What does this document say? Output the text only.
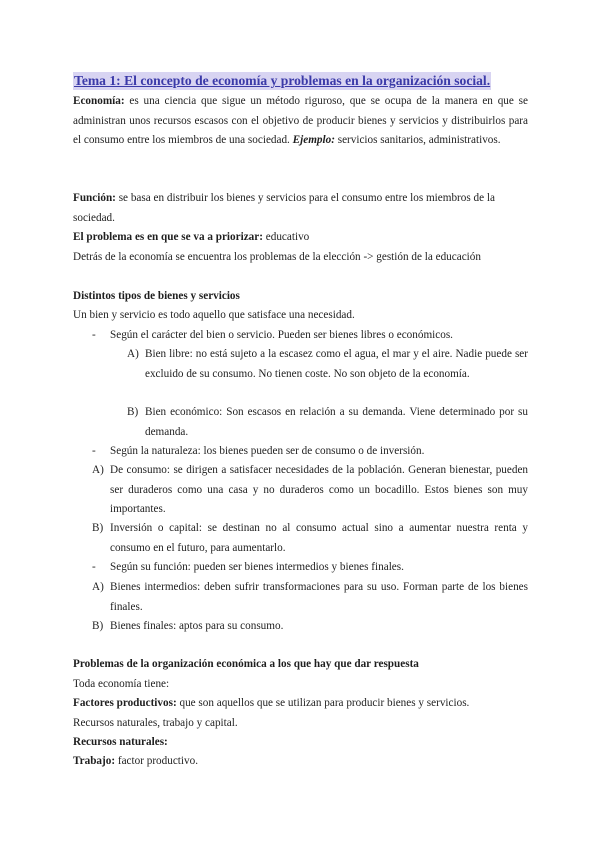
Tema 1: El concepto de economía y problemas en la organización social.
Economía: es una ciencia que sigue un método riguroso, que se ocupa de la manera en que se administran unos recursos escasos con el objetivo de producir bienes y servicios y distribuirlos para el consumo entre los miembros de una sociedad. Ejemplo: servicios sanitarios, administrativos.
Función: se basa en distribuir los bienes y servicios para el consumo entre los miembros de la sociedad.
El problema es en que se va a priorizar: educativo
Detrás de la economía se encuentra los problemas de la elección -> gestión de la educación
Distintos tipos de bienes y servicios
Un bien y servicio es todo aquello que satisface una necesidad.
- Según el carácter del bien o servicio. Pueden ser bienes libres o económicos.
A) Bien libre: no está sujeto a la escasez como el agua, el mar y el aire. Nadie puede ser excluido de su consumo. No tienen coste. No son objeto de la economía.
B) Bien económico: Son escasos en relación a su demanda. Viene determinado por su demanda.
- Según la naturaleza: los bienes pueden ser de consumo o de inversión.
A) De consumo: se dirigen a satisfacer necesidades de la población. Generan bienestar, pueden ser duraderos como una casa y no duraderos como un bocadillo. Estos bienes son muy importantes.
B) Inversión o capital: se destinan no al consumo actual sino a aumentar nuestra renta y consumo en el futuro, para aumentarlo.
- Según su función: pueden ser bienes intermedios y bienes finales.
A) Bienes intermedios: deben sufrir transformaciones para su uso. Forman parte de los bienes finales.
B) Bienes finales: aptos para su consumo.
Problemas de la organización económica a los que hay que dar respuesta
Toda economía tiene:
Factores productivos: que son aquellos que se utilizan para producir bienes y servicios.
Recursos naturales, trabajo y capital.
Recursos naturales:
Trabajo: factor productivo.
